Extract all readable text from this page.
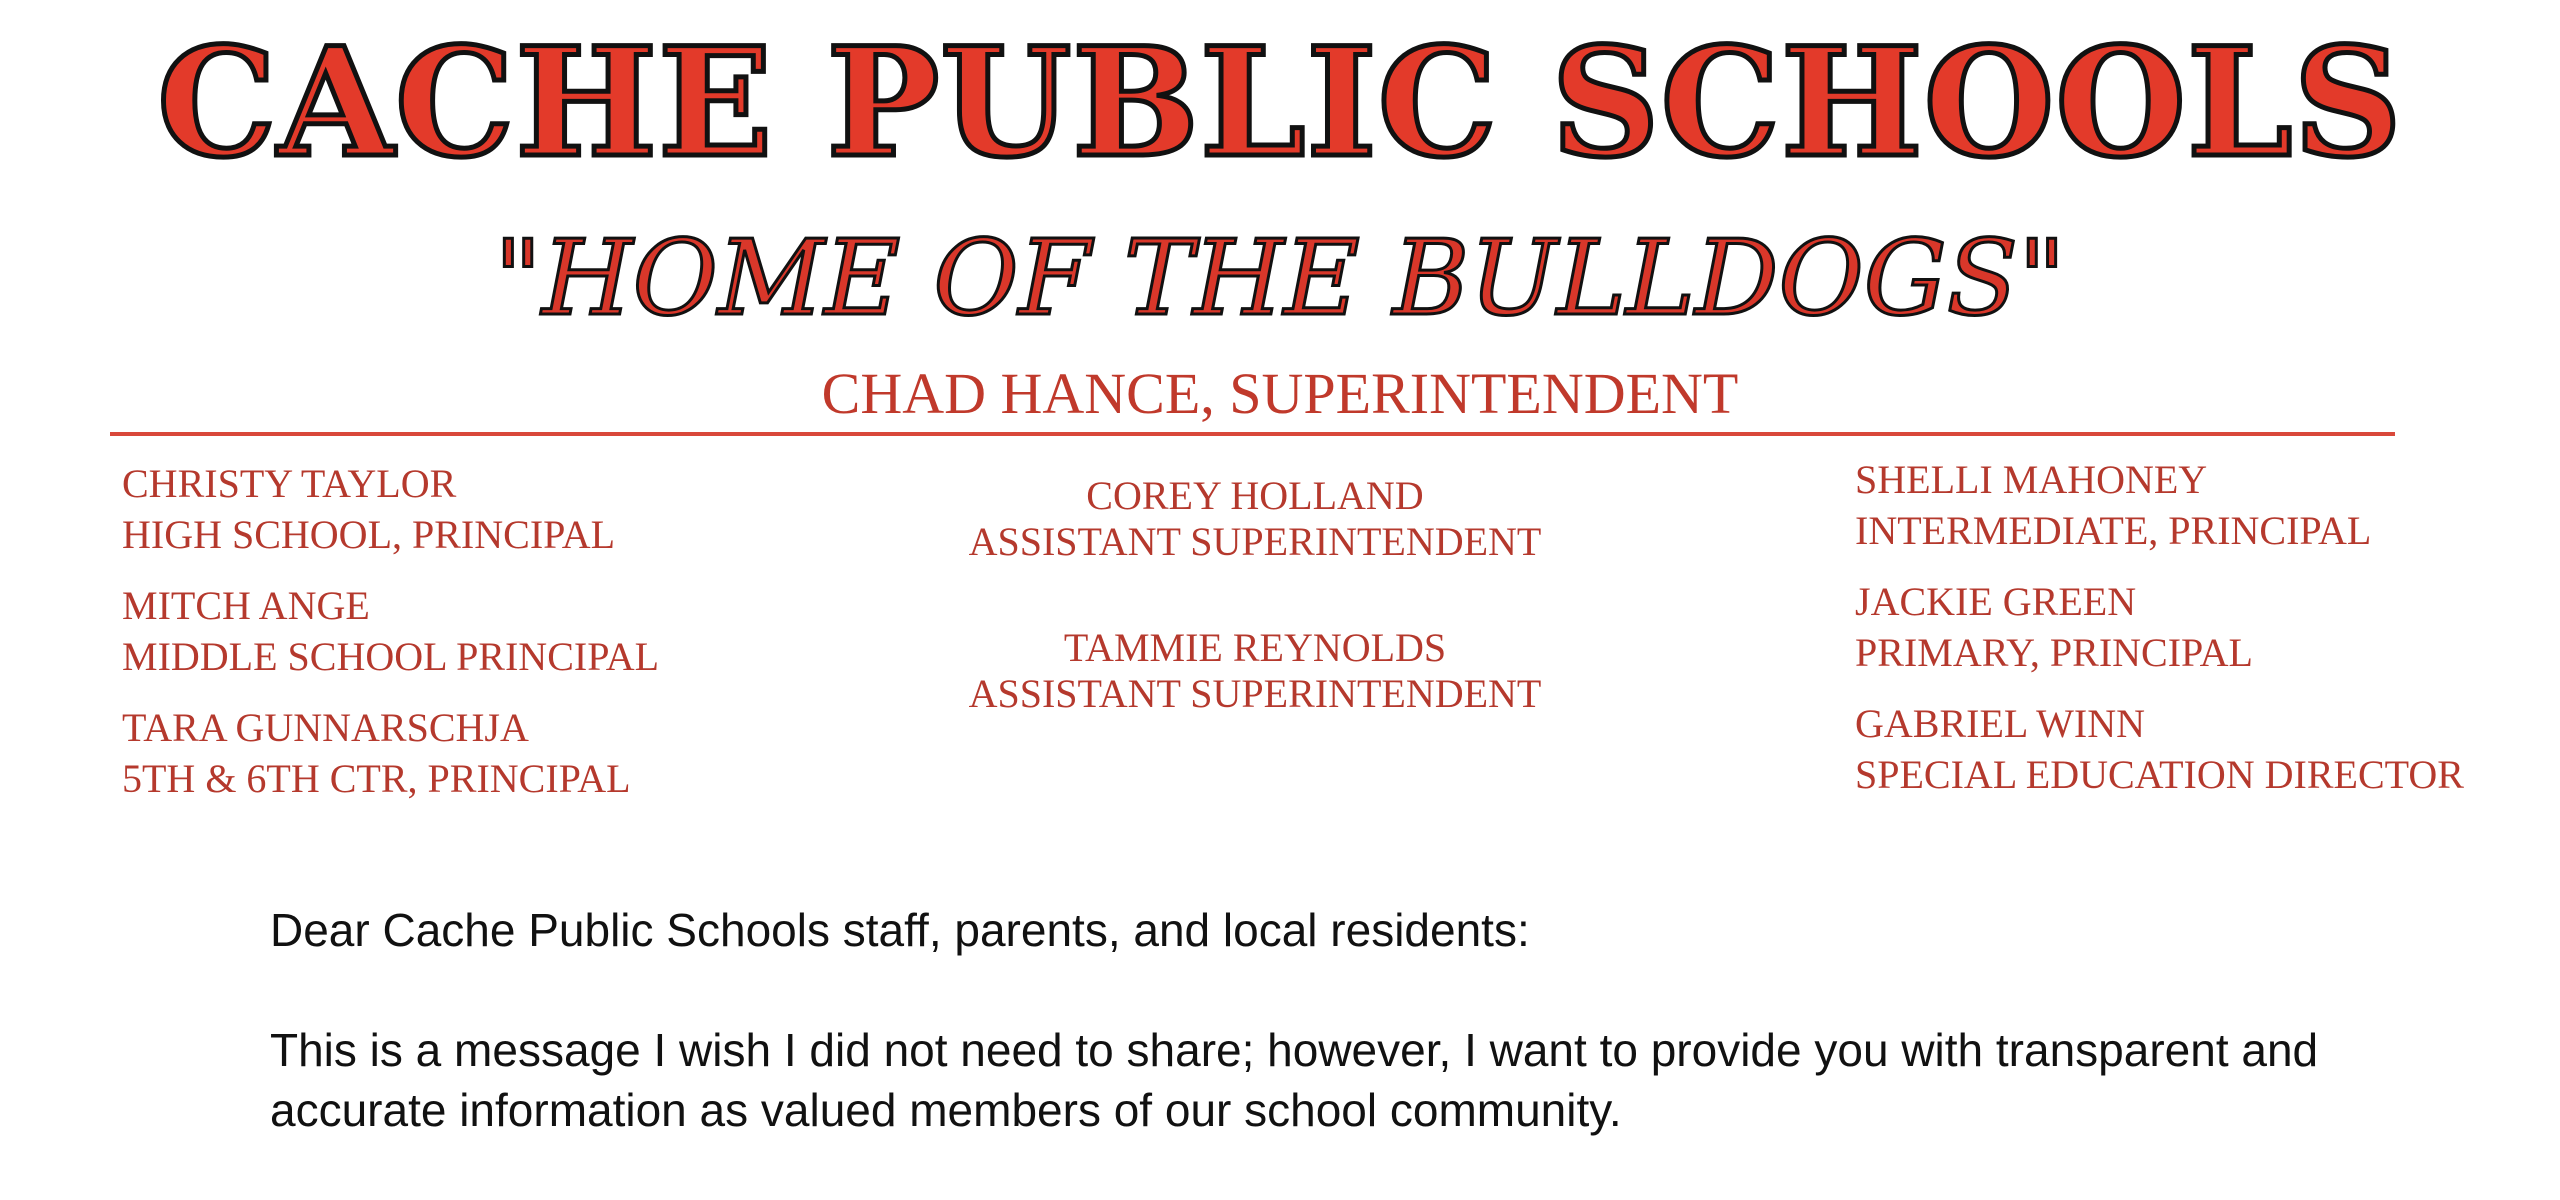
CACHE PUBLIC SCHOOLS
"HOME OF THE BULLDOGS"
CHAD HANCE, SUPERINTENDENT
CHRISTY TAYLOR
HIGH SCHOOL, PRINCIPAL
MITCH ANGE
MIDDLE SCHOOL PRINCIPAL
TARA GUNNARSCHJA
5TH & 6TH CTR, PRINCIPAL
COREY HOLLAND
ASSISTANT SUPERINTENDENT
TAMMIE REYNOLDS
ASSISTANT SUPERINTENDENT
SHELLI MAHONEY
INTERMEDIATE, PRINCIPAL
JACKIE GREEN
PRIMARY, PRINCIPAL
GABRIEL WINN
SPECIAL EDUCATION DIRECTOR

Dear Cache Public Schools staff, parents, and local residents:

This is a message I wish I did not need to share; however, I want to provide you with transparent and accurate information as valued members of our school community.
